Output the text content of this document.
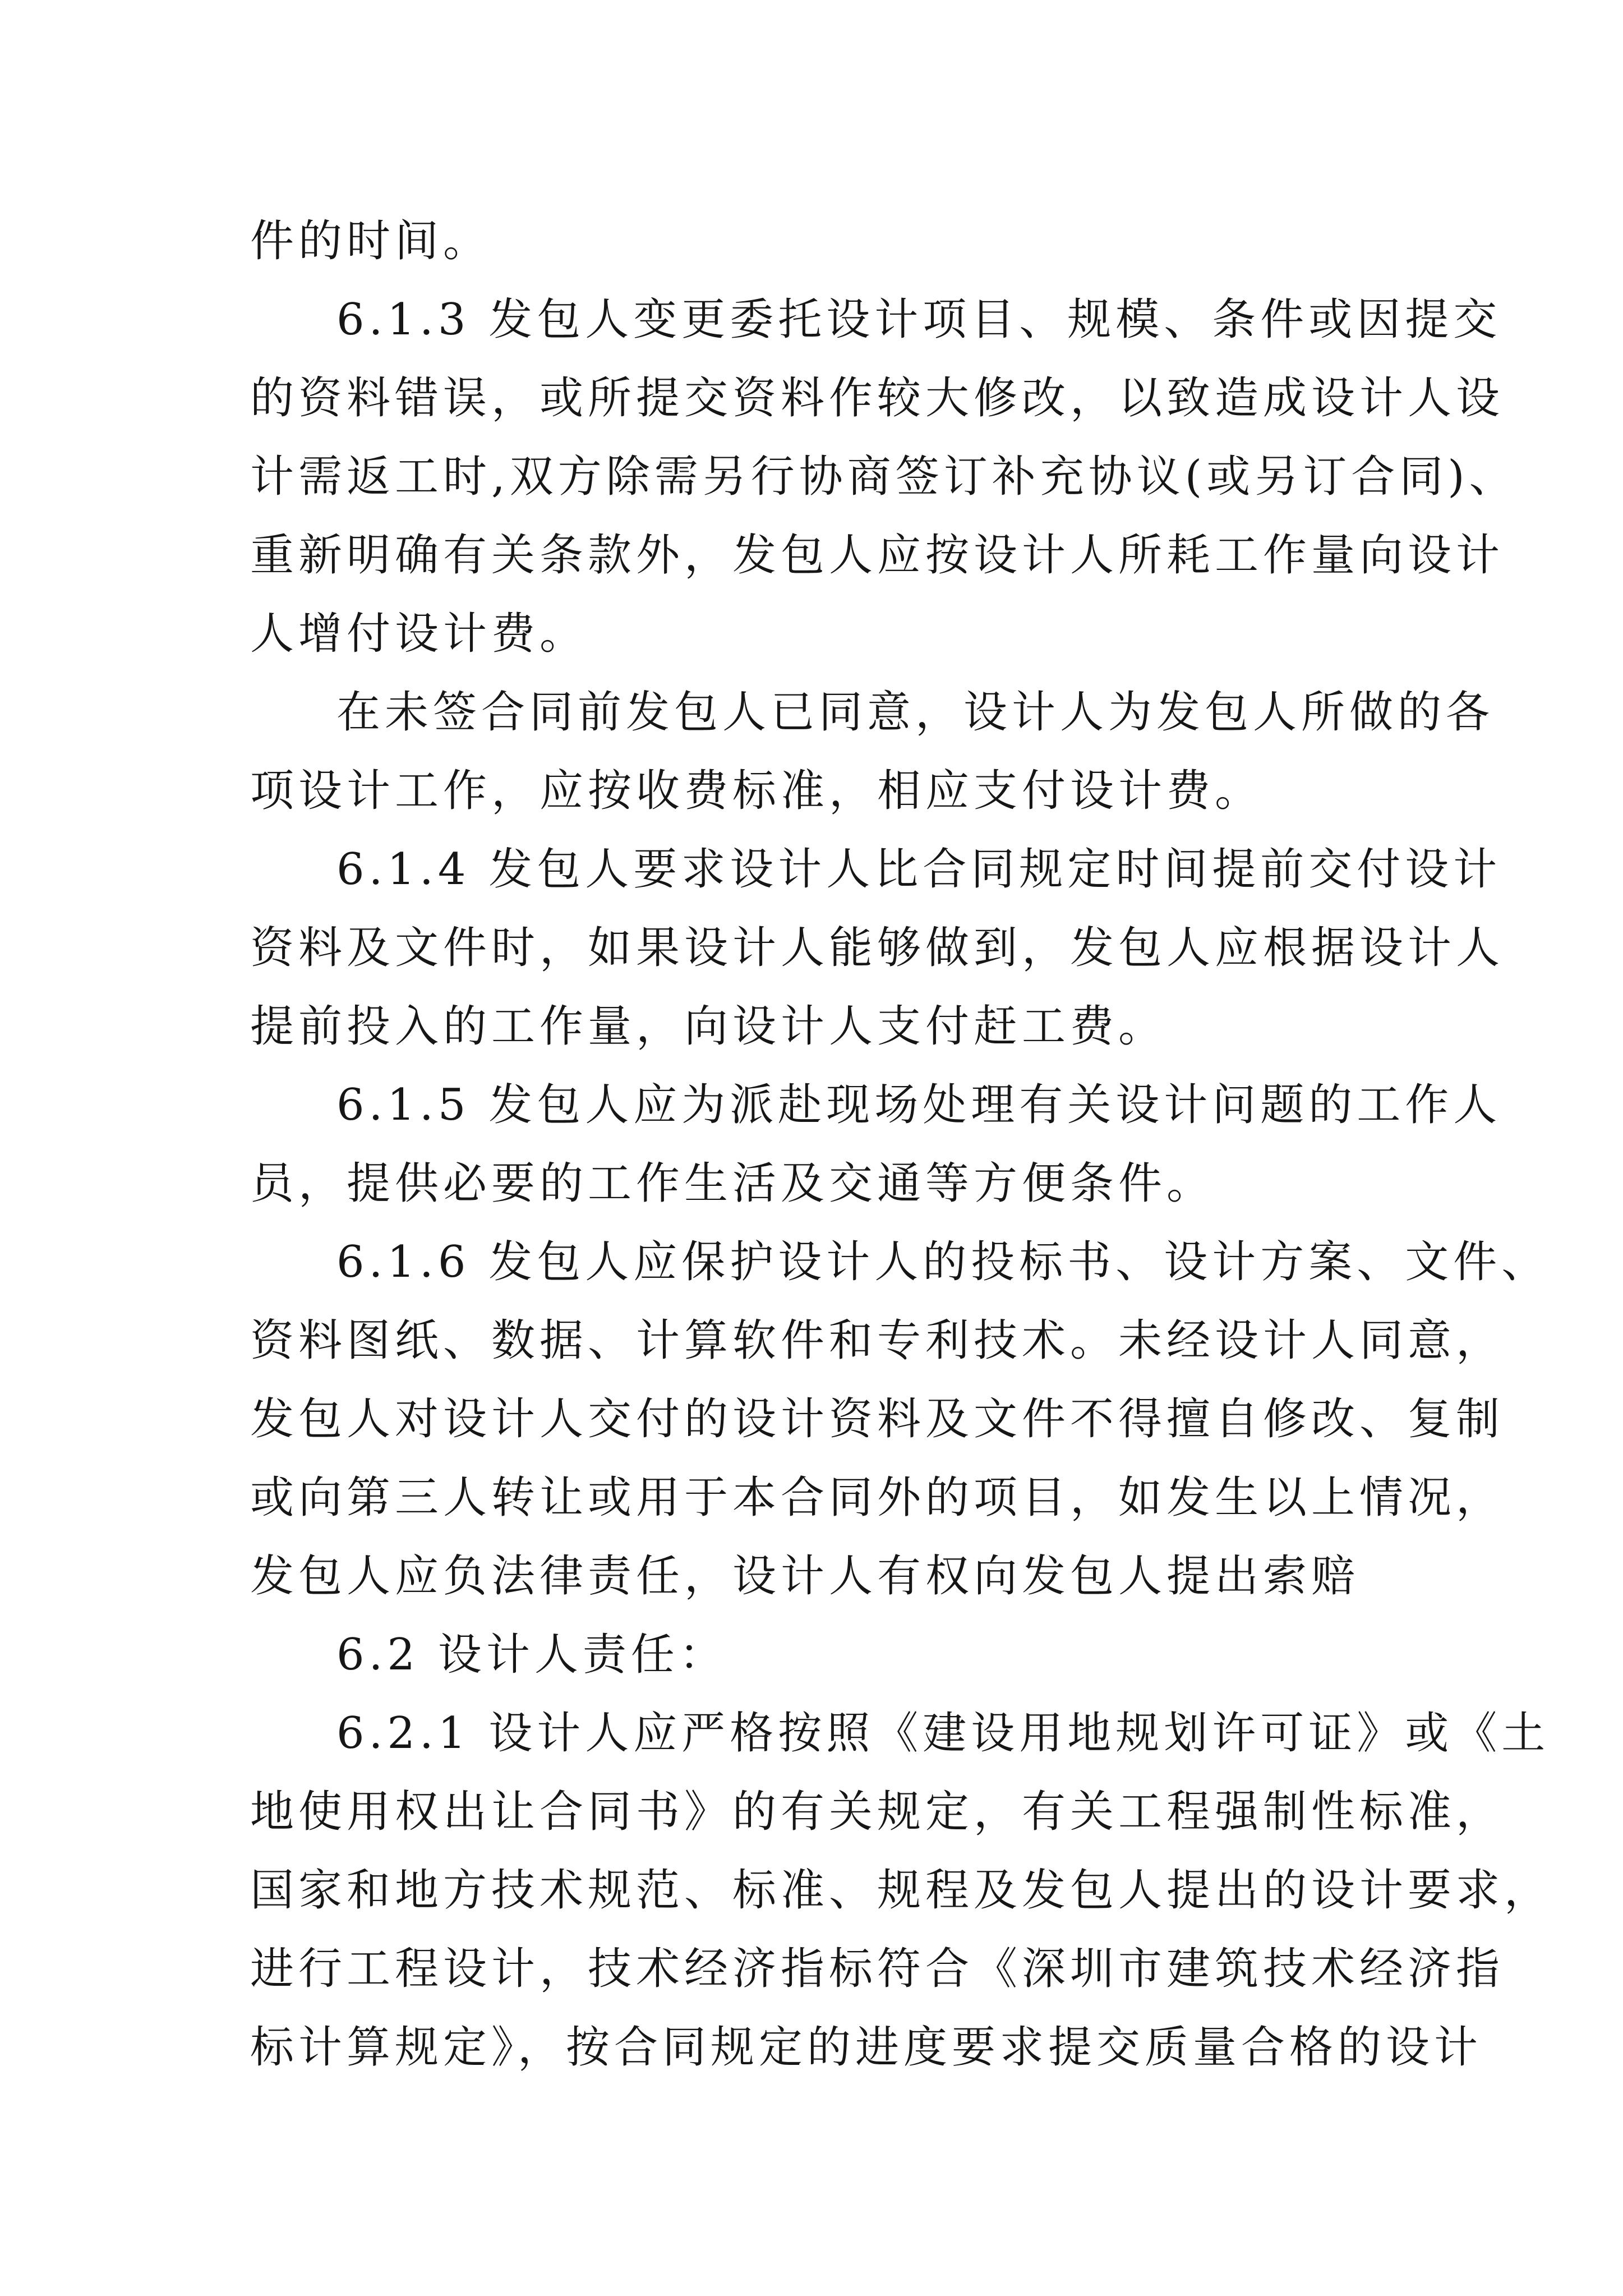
件的时间。
6.1.3 发包人变更委托设计项目、规模、条件或因提交
的资料错误，或所提交资料作较大修改，以致造成设计人设
计需返工时,双方除需另行协商签订补充协议(或另订合同)、
重新明确有关条款外，发包人应按设计人所耗工作量向设计
人增付设计费。
在未签合同前发包人已同意，设计人为发包人所做的各
项设计工作，应按收费标准，相应支付设计费。
6.1.4 发包人要求设计人比合同规定时间提前交付设计
资料及文件时，如果设计人能够做到，发包人应根据设计人
提前投入的工作量，向设计人支付赶工费。
6.1.5 发包人应为派赴现场处理有关设计问题的工作人
员，提供必要的工作生活及交通等方便条件。
6.1.6 发包人应保护设计人的投标书、设计方案、文件、
资料图纸、数据、计算软件和专利技术。未经设计人同意，
发包人对设计人交付的设计资料及文件不得擅自修改、复制
或向第三人转让或用于本合同外的项目，如发生以上情况，
发包人应负法律责任，设计人有权向发包人提出索赔
6.2 设计人责任：
6.2.1 设计人应严格按照《建设用地规划许可证》或《土
地使用权出让合同书》的有关规定，有关工程强制性标准，
国家和地方技术规范、标准、规程及发包人提出的设计要求，
进行工程设计，技术经济指标符合《深圳市建筑技术经济指
标计算规定》，按合同规定的进度要求提交质量合格的设计
